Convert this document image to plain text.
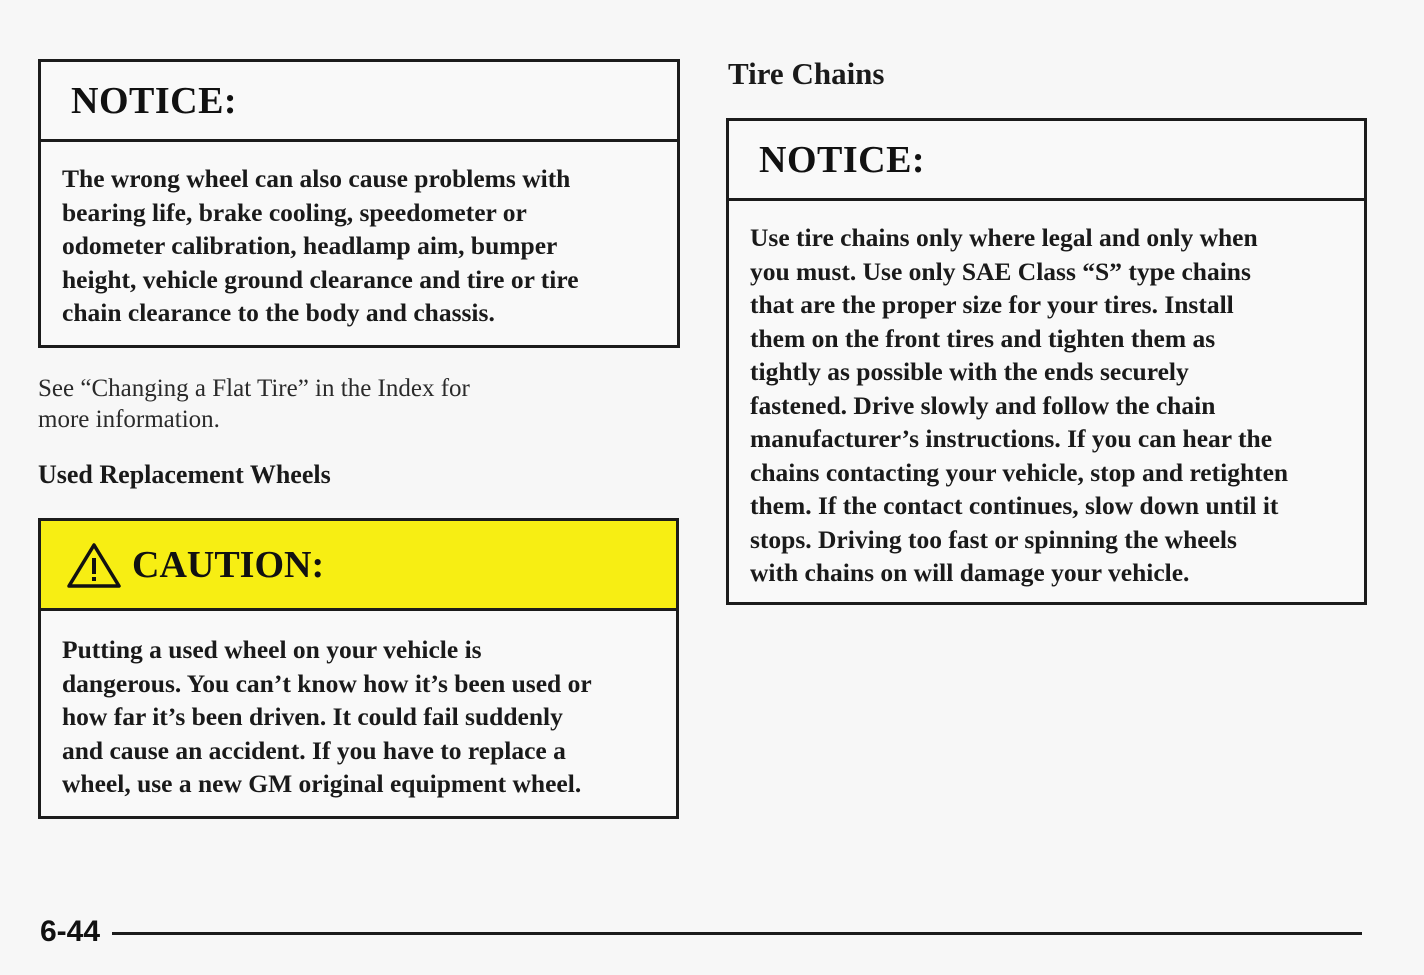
NOTICE:
The wrong wheel can also cause problems with
bearing life, brake cooling, speedometer or
odometer calibration, headlamp aim, bumper
height, vehicle ground clearance and tire or tire
chain clearance to the body and chassis.
See “Changing a Flat Tire” in the Index for
more information.
Used Replacement Wheels
CAUTION:
Putting a used wheel on your vehicle is
dangerous. You can’t know how it’s been used or
how far it’s been driven. It could fail suddenly
and cause an accident. If you have to replace a
wheel, use a new GM original equipment wheel.
Tire Chains
NOTICE:
Use tire chains only where legal and only when
you must. Use only SAE Class “S” type chains
that are the proper size for your tires. Install
them on the front tires and tighten them as
tightly as possible with the ends securely
fastened. Drive slowly and follow the chain
manufacturer’s instructions. If you can hear the
chains contacting your vehicle, stop and retighten
them. If the contact continues, slow down until it
stops. Driving too fast or spinning the wheels
with chains on will damage your vehicle.
6-44
